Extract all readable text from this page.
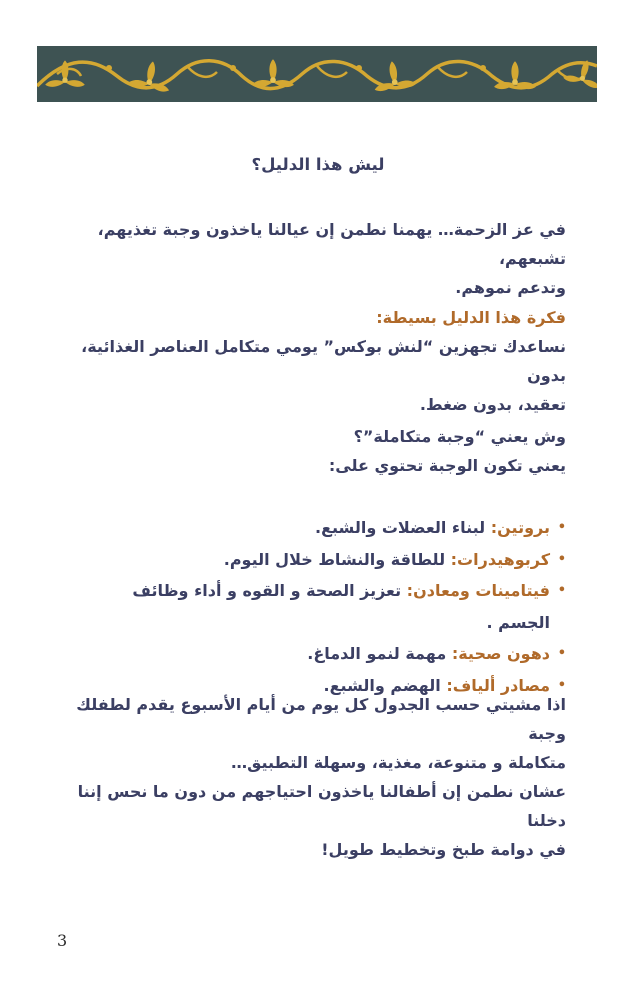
ليش هذا الدليل؟
في عز الزحمة… يهمنا نطمن إن عيالنا ياخذون وجبة تغذيهم، تشبعهم،
وتدعم نموهم.
فكرة هذا الدليل بسيطة:
نساعدك تجهزين “لنش بوكس” يومي متكامل العناصر الغذائية، بدون
تعقيد، بدون ضغط.
وش يعني “وجبة متكاملة”؟
يعني تكون الوجبة تحتوي على:
• بروتين: لبناء العضلات والشبع.
• كربوهيدرات: للطاقة والنشاط خلال اليوم.
• فيتامينات ومعادن: تعزيز الصحة و القوه و أداء وظائف الجسم .
• دهون صحية: مهمة لنمو الدماغ.
• مصادر ألياف: الهضم والشبع.
اذا مشيتي حسب الجدول كل يوم من أيام الأسبوع يقدم لطفلك وجبة
متكاملة و متنوعة، مغذية، وسهلة التطبيق…
عشان نطمن إن أطفالنا ياخذون احتياجهم من دون ما نحس إننا دخلنا
في دوامة طبخ وتخطيط طويل!
3
